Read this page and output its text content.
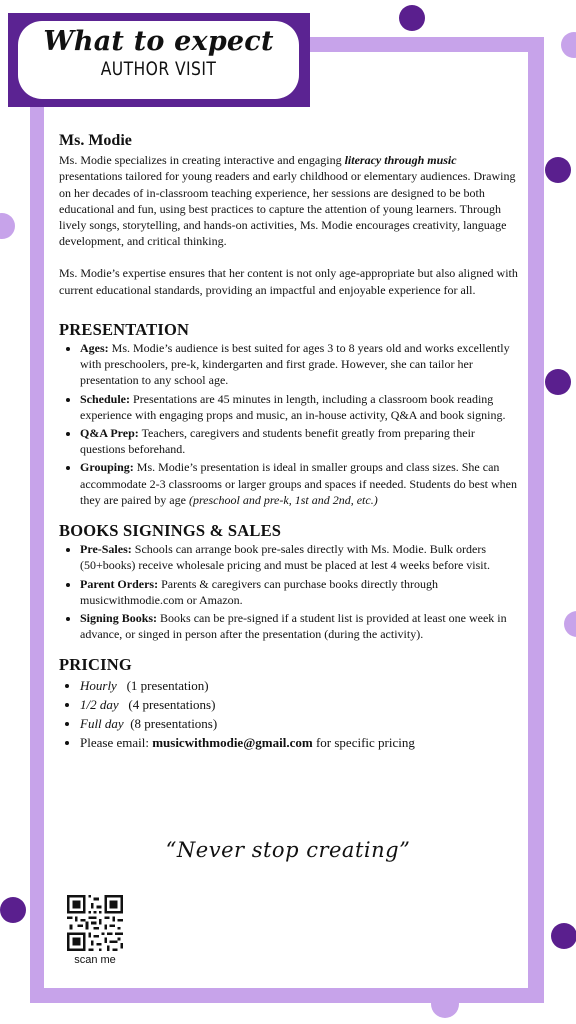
What to expect
AUTHOR VISIT
Ms. Modie

Ms. Modie specializes in creating interactive and engaging literacy through music presentations tailored for young readers and early childhood or elementary audiences. Drawing on her decades of in-classroom teaching experience, her sessions are designed to be both educational and fun, using best practices to capture the attention of young learners. Through lively songs, storytelling, and hands-on activities, Ms. Modie encourages creativity, language development, and critical thinking.

Ms. Modie’s expertise ensures that her content is not only age-appropriate but also aligned with current educational standards, providing an impactful and enjoyable experience for all.

PRESENTATION
• Ages: Ms. Modie’s audience is best suited for ages 3 to 8 years old and works excellently with preschoolers, pre-k, kindergarten and first grade. However, she can tailor her presentation to any school age.
• Schedule: Presentations are 45 minutes in length, including a classroom book reading experience with engaging props and music, an in-house activity, Q&A and book signing.
• Q&A Prep: Teachers, caregivers and students benefit greatly from preparing their questions beforehand.
• Grouping: Ms. Modie’s presentation is ideal in smaller groups and class sizes. She can accommodate 2-3 classrooms or larger groups and spaces if needed. Students do best when they are paired by age (preschool and pre-k, 1st and 2nd, etc.)
BOOKS SIGNINGS & SALES
• Pre-Sales: Schools can arrange book pre-sales directly with Ms. Modie. Bulk orders (50+books) receive wholesale pricing and must be placed at lest 4 weeks before visit.
• Parent Orders: Parents & caregivers can purchase books directly through musicwithmodie.com or Amazon.
• Signing Books: Books can be pre-signed if a student list is provided at least one week in advance, or singed in person after the presentation (during the activity).
PRICING
• Hourly (1 presentation)
• 1/2 day (4 presentations)
• Full day (8 presentations)
• Please email: musicwithmodie@gmail.com for specific pricing
“Never stop creating”
scan me
